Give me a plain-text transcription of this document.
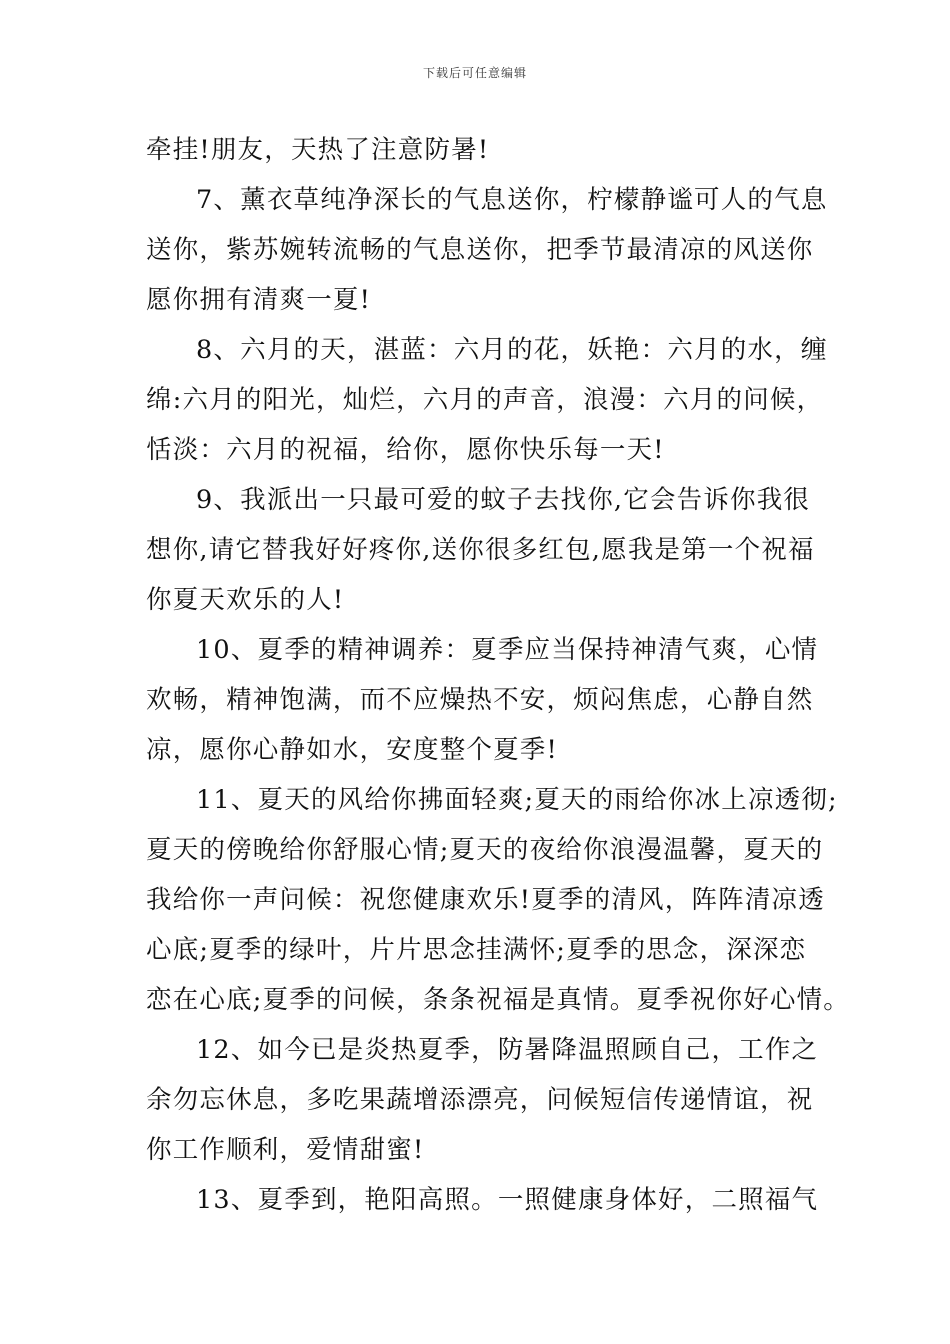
下载后可任意编辑
牵挂!朋友，天热了注意防暑!
7、薰衣草纯净深长的气息送你，柠檬静谧可人的气息
送你，紫苏婉转流畅的气息送你，把季节最清凉的风送你
愿你拥有清爽一夏!
8、六月的天，湛蓝：六月的花，妖艳：六月的水，缠
绵:六月的阳光，灿烂，六月的声音，浪漫：六月的问候，
恬淡：六月的祝福，给你，愿你快乐每一天!
9、我派出一只最可爱的蚊子去找你,它会告诉你我很
想你,请它替我好好疼你,送你很多红包,愿我是第一个祝福
你夏天欢乐的人!
10、夏季的精神调养：夏季应当保持神清气爽，心情
欢畅，精神饱满，而不应燥热不安，烦闷焦虑，心静自然
凉，愿你心静如水，安度整个夏季!
11、夏天的风给你拂面轻爽;夏天的雨给你冰上凉透彻;
夏天的傍晚给你舒服心情;夏天的夜给你浪漫温馨，夏天的
我给你一声问候：祝您健康欢乐!夏季的清风，阵阵清凉透
心底;夏季的绿叶，片片思念挂满怀;夏季的思念，深深恋
恋在心底;夏季的问候，条条祝福是真情。夏季祝你好心情。
12、如今已是炎热夏季，防暑降温照顾自己，工作之
余勿忘休息，多吃果蔬增添漂亮，问候短信传递情谊，祝
你工作顺利，爱情甜蜜!
13、夏季到，艳阳高照。一照健康身体好，二照福气
